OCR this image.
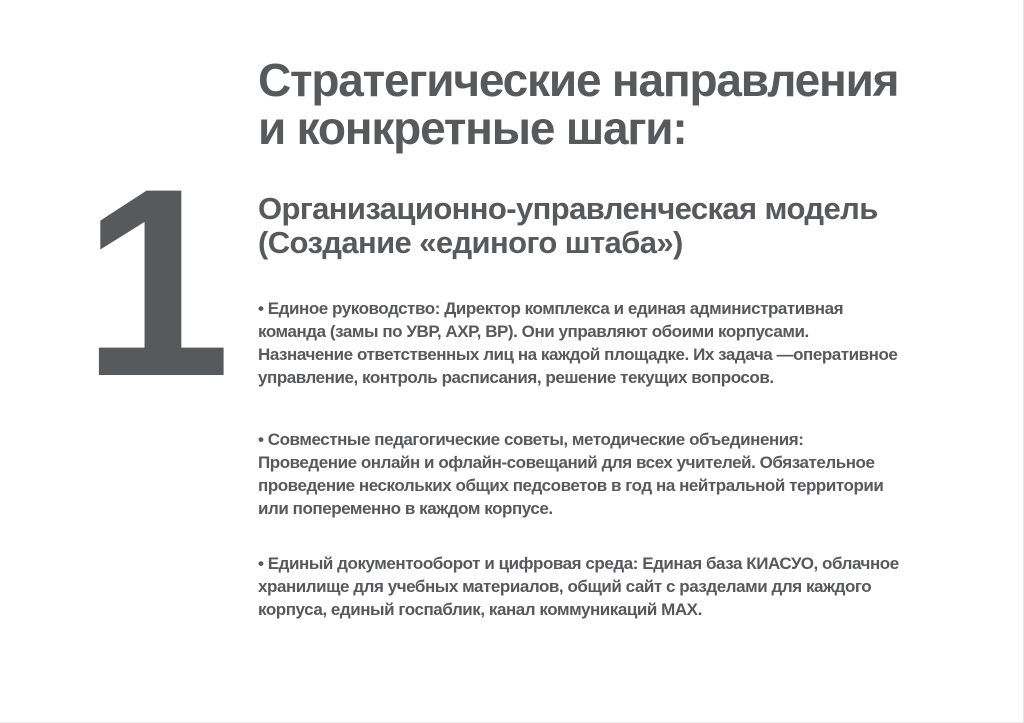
1
Стратегические направления
и конкретные шаги:
Организационно-управленческая модель
(Создание «единого штаба»)

• Единое руководство: Директор комплекса и единая административная
команда (замы по УВР, АХР, ВР). Они управляют обоими корпусами.
Назначение ответственных лиц на каждой площадке. Их задача —оперативное
управление, контроль расписания, решение текущих вопросов.

• Совместные педагогические советы, методические объединения:
Проведение онлайн и офлайн-совещаний для всех учителей. Обязательное
проведение нескольких общих педсоветов в год на нейтральной территории
или попеременно в каждом корпусе.

• Единый документооборот и цифровая среда: Единая база КИАСУО, облачное
хранилище для учебных материалов, общий сайт с разделами для каждого
корпуса, единый госпаблик, канал коммуникаций МАХ.
